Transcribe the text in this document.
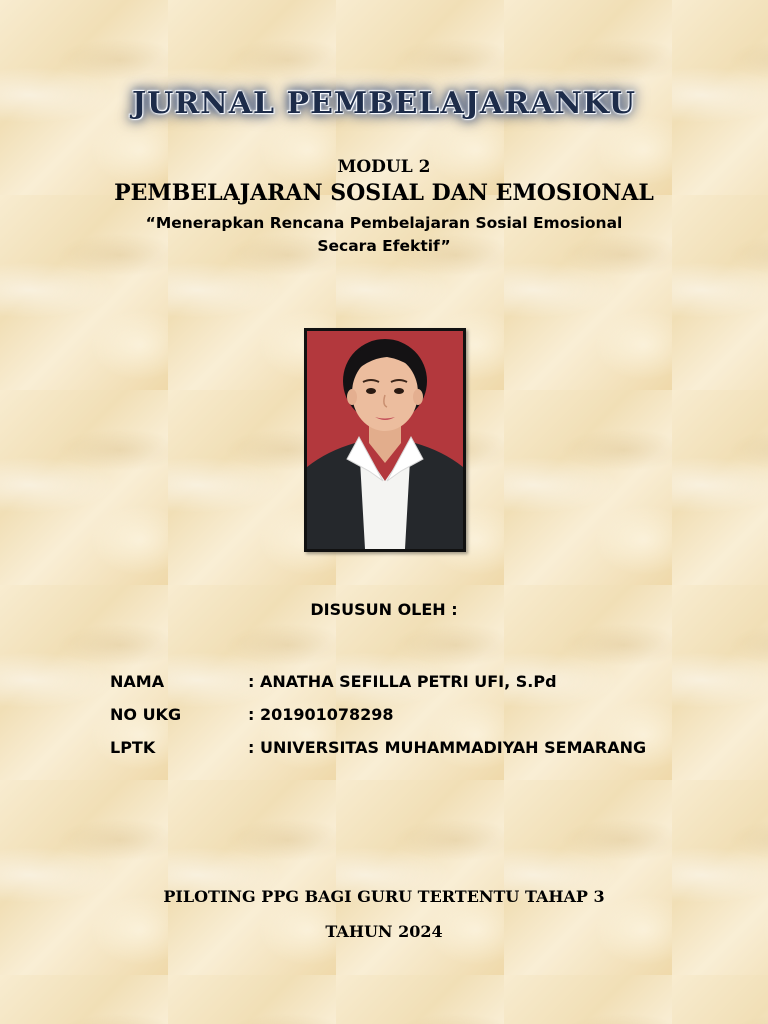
JURNAL PEMBELAJARANKU
MODUL 2
PEMBELAJARAN SOSIAL DAN EMOSIONAL
“Menerapkan Rencana Pembelajaran Sosial Emosional
Secara Efektif”
DISUSUN OLEH :
NAMA	: ANATHA SEFILLA PETRI UFI, S.Pd
NO UKG	: 201901078298
LPTK	: UNIVERSITAS MUHAMMADIYAH SEMARANG
PILOTING PPG BAGI GURU TERTENTU TAHAP 3
TAHUN 2024
